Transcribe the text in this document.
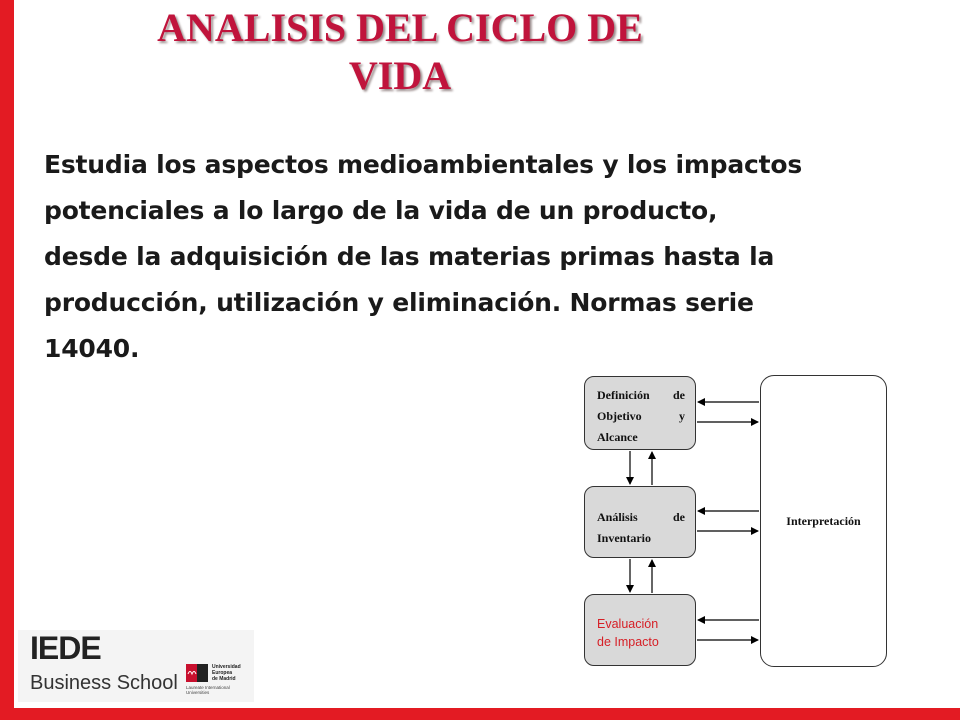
ANALISIS DEL CICLO DE
VIDA
Estudia los aspectos medioambientales y los impactos potenciales a lo largo de la vida de un producto, desde la adquisición de las materias primas hasta la producción, utilización y eliminación. Normas serie 14040.
Definición de
Objetivo	y
Alcance
Análisis	de
Inventario
Evaluación
de Impacto
Interpretación
IEDE
Business School
Universidad
Europea
de Madrid
Laureate International Universities
